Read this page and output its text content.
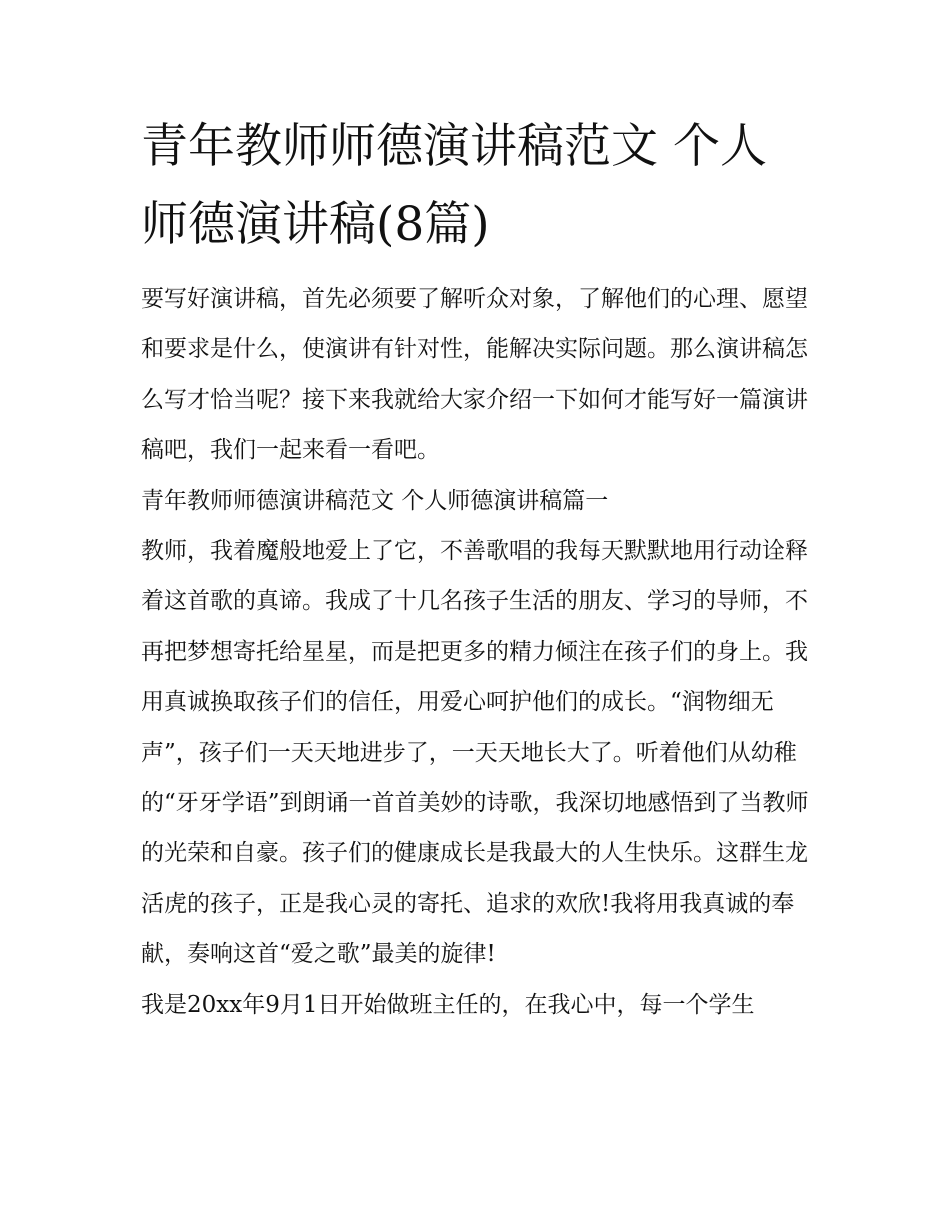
青年教师师德演讲稿范文 个人师德演讲稿(8篇)

要写好演讲稿，首先必须要了解听众对象，了解他们的心理、愿望和要求是什么，使演讲有针对性，能解决实际问题。那么演讲稿怎么写才恰当呢？接下来我就给大家介绍一下如何才能写好一篇演讲稿吧，我们一起来看一看吧。

青年教师师德演讲稿范文 个人师德演讲稿篇一

教师，我着魔般地爱上了它，不善歌唱的我每天默默地用行动诠释着这首歌的真谛。我成了十几名孩子生活的朋友、学习的导师，不再把梦想寄托给星星，而是把更多的精力倾注在孩子们的身上。我用真诚换取孩子们的信任，用爱心呵护他们的成长。“润物细无声”，孩子们一天天地进步了，一天天地长大了。听着他们从幼稚的“牙牙学语”到朗诵一首首美妙的诗歌，我深切地感悟到了当教师的光荣和自豪。孩子们的健康成长是我最大的人生快乐。这群生龙活虎的孩子，正是我心灵的寄托、追求的欢欣!我将用我真诚的奉献，奏响这首“爱之歌”最美的旋律!

我是20xx年9月1日开始做班主任的，在我心中，每一个学生
